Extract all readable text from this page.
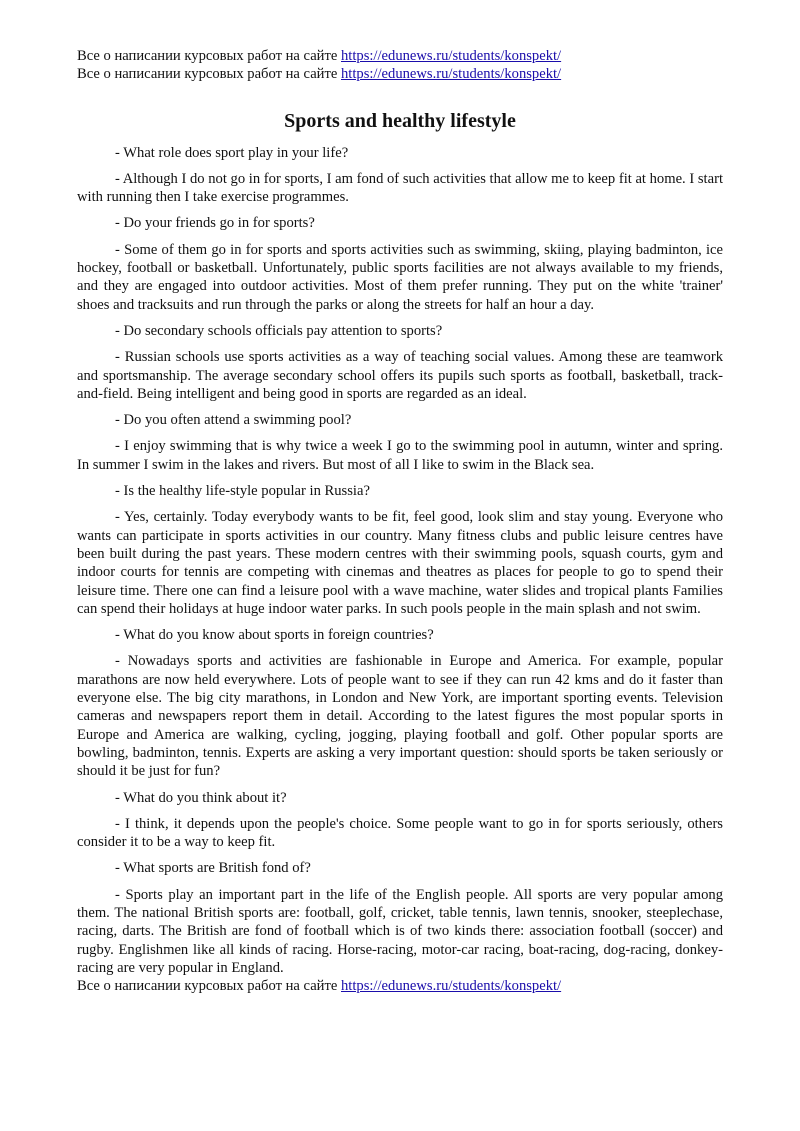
Все о написании курсовых работ на сайте https://edunews.ru/students/konspekt/

Все о написании курсовых работ на сайте https://edunews.ru/students/konspekt/

Sports and healthy lifestyle

- What role does sport play in your life?

- Although I do not go in for sports, I am fond of such activities that allow me to keep fit at home. I start with running then I take exercise programmes.

- Do your friends go in for sports?

- Some of them go in for sports and sports activities such as swimming, skiing, playing badminton, ice hockey, football or basketball. Unfortunately, public sports facilities are not always available to my friends, and they are engaged into outdoor activities. Most of them prefer running. They put on the white 'trainer' shoes and tracksuits and run through the parks or along the streets for half an hour a day.

- Do secondary schools officials pay attention to sports?

- Russian schools use sports activities as a way of teaching social values. Among these are teamwork and sportsmanship. The average secondary school offers its pupils such sports as football, basketball, track-and-field. Being intelligent and being good in sports are regarded as an ideal.

- Do you often attend a swimming pool?

- I enjoy swimming that is why twice a week I go to the swimming pool in autumn, winter and spring. In summer I swim in the lakes and rivers. But most of all I like to swim in the Black sea.

- Is the healthy life-style popular in Russia?

- Yes, certainly. Today everybody wants to be fit, feel good, look slim and stay young. Everyone who wants can participate in sports activities in our country. Many fitness clubs and public leisure centres have been built during the past years. These modern centres with their swimming pools, squash courts, gym and indoor courts for tennis are competing with cinemas and theatres as places for people to go to spend their leisure time. There one can find a leisure pool with a wave machine, water slides and tropical plants Families can spend their holidays at huge indoor water parks. In such pools people in the main splash and not swim.

- What do you know about sports in foreign countries?

- Nowadays sports and activities are fashionable in Europe and America. For example, popular marathons are now held everywhere. Lots of people want to see if they can run 42 kms and do it faster than everyone else. The big city marathons, in London and New York, are important sporting events. Television cameras and newspapers report them in detail. According to the latest figures the most popular sports in Europe and America are walking, cycling, jogging, playing football and golf. Other popular sports are bowling, badminton, tennis. Experts are asking a very important question: should sports be taken seriously or should it be just for fun?

- What do you think about it?

- I think, it depends upon the people's choice. Some people want to go in for sports seriously, others consider it to be a way to keep fit.

- What sports are British fond of?

- Sports play an important part in the life of the English people. All sports are very popular among them. The national British sports are: football, golf, cricket, table tennis, lawn tennis, snooker, steeplechase, racing, darts. The British are fond of football which is of two kinds there: association football (soccer) and rugby. Englishmen like all kinds of racing. Horse-racing, motor-car racing, boat-racing, dog-racing, donkey-racing are very popular in England.

Все о написании курсовых работ на сайте https://edunews.ru/students/konspekt/
